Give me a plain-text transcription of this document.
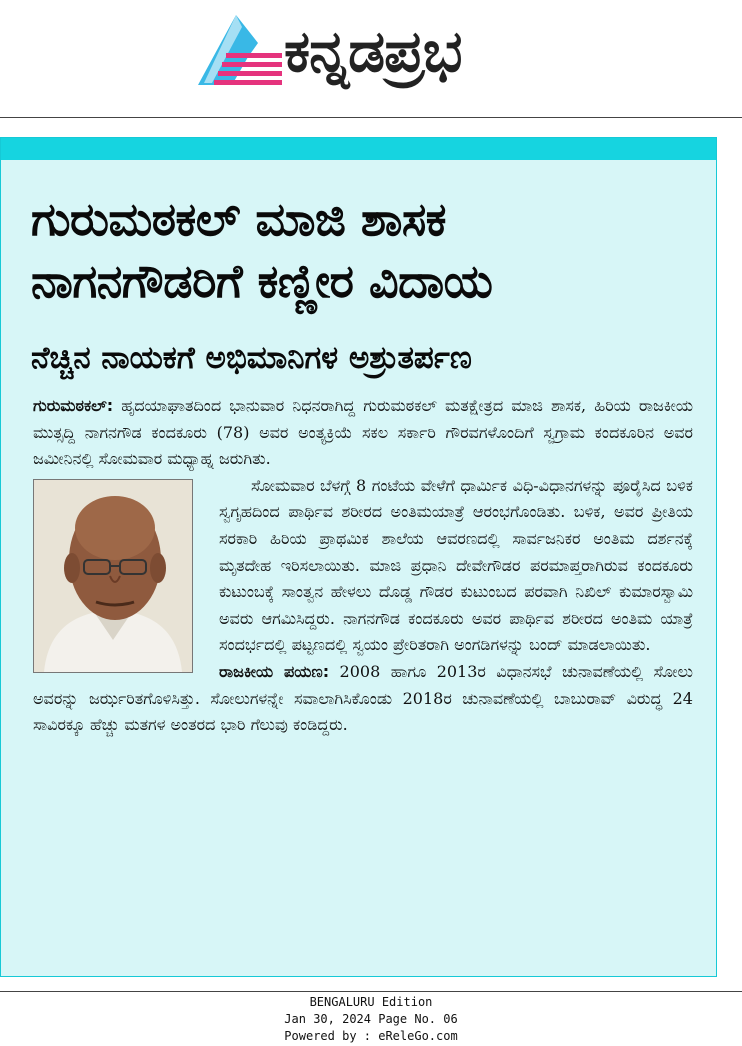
ಕನ್ನಡಪ್ರಭ
ಗುರುಮಠಕಲ್ ಮಾಜಿ ಶಾಸಕ
ನಾಗನಗೌಡರಿಗೆ ಕಣ್ಣೀರ ವಿದಾಯ
ನೆಚ್ಚಿನ ನಾಯಕಗೆ ಅಭಿಮಾನಿಗಳ ಅಶ್ರುತರ್ಪಣ

ಗುರುಮಠಕಲ್: ಹೃದಯಾಘಾತದಿಂದ ಭಾನುವಾರ ನಿಧನರಾಗಿದ್ದ ಗುರುಮಠಕಲ್ ಮತಕ್ಷೇತ್ರದ ಮಾಜಿ ಶಾಸಕ, ಹಿರಿಯ ರಾಜಕೀಯ ಮುತ್ಸದ್ದಿ ನಾಗನಗೌಡ ಕಂದಕೂರು (78) ಅವರ ಅಂತ್ಯಕ್ರಿಯೆ ಸಕಲ ಸರ್ಕಾರಿ ಗೌರವಗಳೊಂದಿಗೆ ಸ್ವಗ್ರಾಮ ಕಂದಕೂರಿನ ಅವರ ಜಮೀನಿನಲ್ಲಿ ಸೋಮವಾರ ಮಧ್ಯಾಹ್ನ ಜರುಗಿತು.

ಸೋಮವಾರ ಬೆಳಗ್ಗೆ 8 ಗಂಟೆಯ ವೇಳೆಗೆ ಧಾರ್ಮಿಕ ವಿಧಿ-ವಿಧಾನಗಳನ್ನು ಪೂರೈಸಿದ ಬಳಿಕ ಸ್ವಗೃಹದಿಂದ ಪಾರ್ಥಿವ ಶರೀರದ ಅಂತಿಮಯಾತ್ರೆ ಆರಂಭಗೊಂಡಿತು. ಬಳಿಕ, ಅವರ ಪ್ರೀತಿಯ ಸರಕಾರಿ ಹಿರಿಯ ಪ್ರಾಥಮಿಕ ಶಾಲೆಯ ಆವರಣದಲ್ಲಿ ಸಾರ್ವಜನಿಕರ ಅಂತಿಮ ದರ್ಶನಕ್ಕೆ ಮೃತದೇಹ ಇರಿಸಲಾಯಿತು. ಮಾಜಿ ಪ್ರಧಾನಿ ದೇವೇಗೌಡರ ಪರಮಾಪ್ತರಾಗಿರುವ ಕಂದಕೂರು ಕುಟುಂಬಕ್ಕೆ ಸಾಂತ್ವನ ಹೇಳಲು ದೊಡ್ಡ ಗೌಡರ ಕುಟುಂಬದ ಪರವಾಗಿ ನಿಖಿಲ್ ಕುಮಾರಸ್ವಾಮಿ ಅವರು ಆಗಮಿಸಿದ್ದರು. ನಾಗನಗೌಡ ಕಂದಕೂರು ಅವರ ಪಾರ್ಥಿವ ಶರೀರದ ಅಂತಿಮ ಯಾತ್ರೆ ಸಂದರ್ಭದಲ್ಲಿ ಪಟ್ಟಣದಲ್ಲಿ ಸ್ವಯಂ ಪ್ರೇರಿತರಾಗಿ ಅಂಗಡಿಗಳನ್ನು ಬಂದ್ ಮಾಡಲಾಯಿತು.

ರಾಜಕೀಯ ಪಯಣ: 2008 ಹಾಗೂ 2013ರ ವಿಧಾನಸಭೆ ಚುನಾವಣೆಯಲ್ಲಿ ಸೋಲು ಅವರನ್ನು ಜರ್ಝರಿತಗೊಳಿಸಿತ್ತು. ಸೋಲುಗಳನ್ನೇ ಸವಾಲಾಗಿಸಿಕೊಂಡು 2018ರ ಚುನಾವಣೆಯಲ್ಲಿ ಬಾಬುರಾವ್ ವಿರುದ್ಧ 24 ಸಾವಿರಕ್ಕೂ ಹೆಚ್ಚು ಮತಗಳ ಅಂತರದ ಭಾರಿ ಗೆಲುವು ಕಂಡಿದ್ದರು.

BENGALURU Edition
Jan 30, 2024 Page No. 06
Powered by : eReleGo.com
